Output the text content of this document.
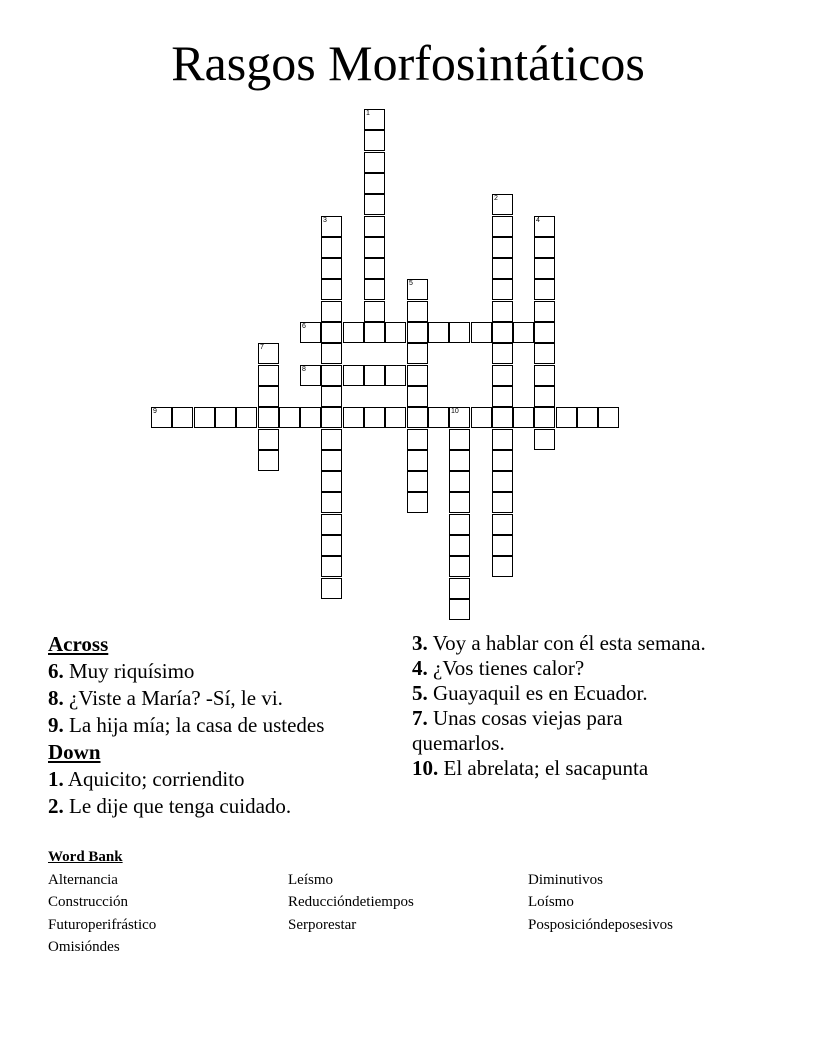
Rasgos Morfosintáticos
1
2
3	4
5
6
7
8
9	10
Across
6. Muy riquísimo
8. ¿Viste a María? -Sí, le vi.
9. La hija mía; la casa de ustedes
Down
1. Aquicito; corriendito
2. Le dije que tenga cuidado.
3. Voy a hablar con él esta semana.
4. ¿Vos tienes calor?
5. Guayaquil es en Ecuador.
7. Unas cosas viejas para quemarlos.
10. El abrelata; el sacapunta
Word Bank
Alternancia	Leísmo	Diminutivos
Construcción	Reduccióndetiempos	Loísmo
Futuroperifrástico	Serporestar	Posposicióndeposesivos
Omisióndes
